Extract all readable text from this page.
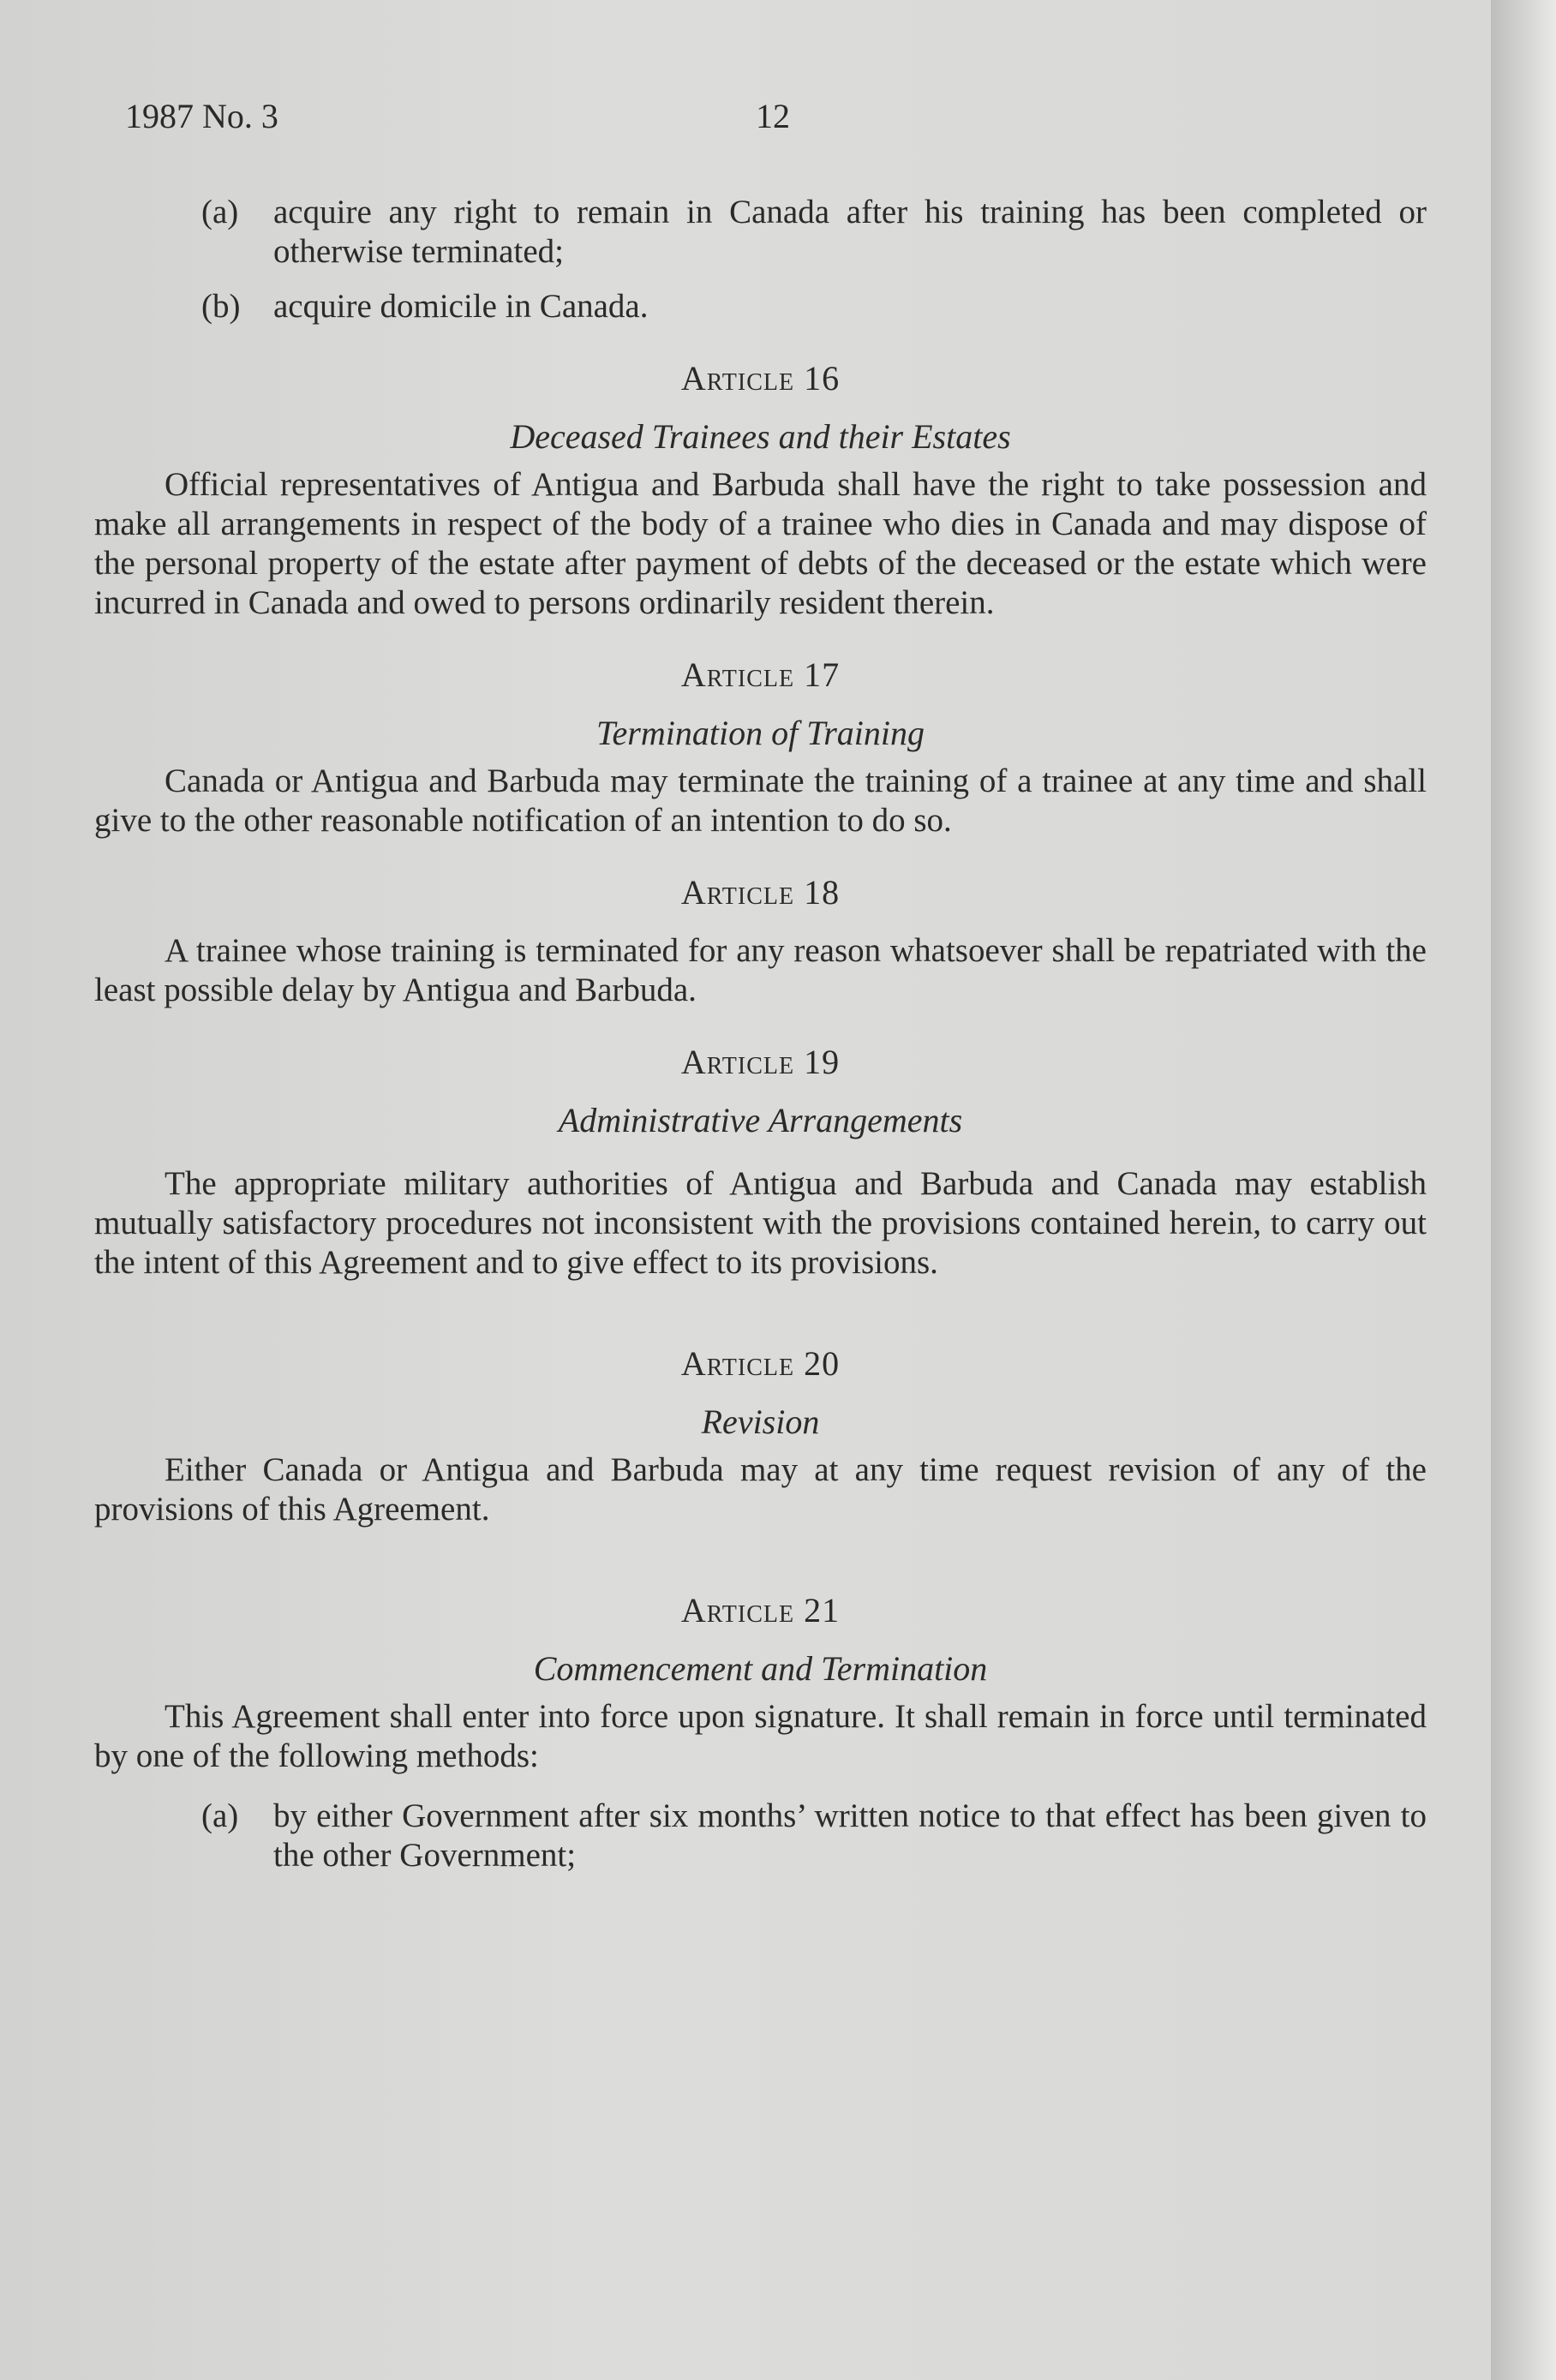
1987 No. 3	12
(a)	acquire any right to remain in Canada after his training has been completed or otherwise terminated;
(b) acquire domicile in Canada.
Article 16
Deceased Trainees and their Estates

Official representatives of Antigua and Barbuda shall have the right to take possession and make all arrangements in respect of the body of a trainee who dies in Canada and may dispose of the personal property of the estate after payment of debts of the deceased or the estate which were incurred in Canada and owed to persons ordinarily resident therein.

Article 17
Termination of Training

Canada or Antigua and Barbuda may terminate the training of a trainee at any time and shall give to the other reasonable notification of an intention to do so.

Article 18

A trainee whose training is terminated for any reason whatsoever shall be repatriated with the least possible delay by Antigua and Barbuda.

Article 19
Administrative Arrangements

The appropriate military authorities of Antigua and Barbuda and Canada may establish mutually satisfactory procedures not inconsistent with the provisions contained herein, to carry out the intent of this Agreement and to give effect to its provisions.

Article 20
Revision

Either Canada or Antigua and Barbuda may at any time request revision of any of the provisions of this Agreement.

Article 21
Commencement and Termination

This Agreement shall enter into force upon signature. It shall remain in force until terminated by one of the following methods:

(a)	by either Government after six months’ written notice to that effect has been given to the other Government;
